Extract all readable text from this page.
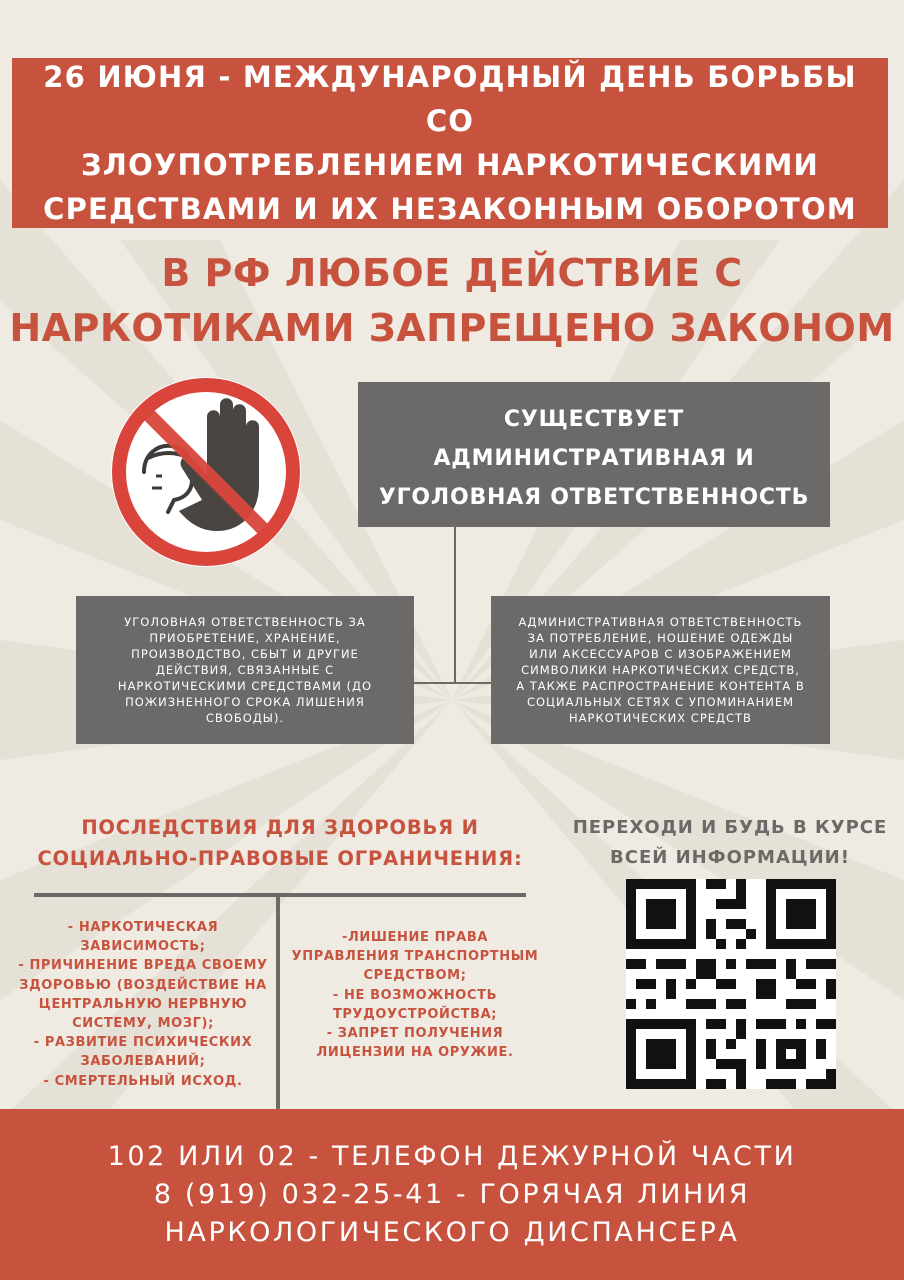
26 ИЮНЯ - МЕЖДУНАРОДНЫЙ ДЕНЬ БОРЬБЫ СО
ЗЛОУПОТРЕБЛЕНИЕМ НАРКОТИЧЕСКИМИ
СРЕДСТВАМИ И ИХ НЕЗАКОННЫМ ОБОРОТОМ
В РФ ЛЮБОЕ ДЕЙСТВИЕ С
НАРКОТИКАМИ ЗАПРЕЩЕНО ЗАКОНОМ
СУЩЕСТВУЕТ
АДМИНИСТРАТИВНАЯ И
УГОЛОВНАЯ ОТВЕТСТВЕННОСТЬ
УГОЛОВНАЯ ОТВЕТСТВЕННОСТЬ ЗА
ПРИОБРЕТЕНИЕ, ХРАНЕНИЕ,
ПРОИЗВОДСТВО, СБЫТ И ДРУГИЕ
ДЕЙСТВИЯ, СВЯЗАННЫЕ С
НАРКОТИЧЕСКИМИ СРЕДСТВАМИ (ДО
ПОЖИЗНЕННОГО СРОКА ЛИШЕНИЯ
СВОБОДЫ).
АДМИНИСТРАТИВНАЯ ОТВЕТСТВЕННОСТЬ
ЗА ПОТРЕБЛЕНИЕ, НОШЕНИЕ ОДЕЖДЫ
ИЛИ АКСЕССУАРОВ С ИЗОБРАЖЕНИЕМ
СИМВОЛИКИ НАРКОТИЧЕСКИХ СРЕДСТВ,
А ТАКЖЕ РАСПРОСТРАНЕНИЕ КОНТЕНТА В
СОЦИАЛЬНЫХ СЕТЯХ С УПОМИНАНИЕМ
НАРКОТИЧЕСКИХ СРЕДСТВ
ПОСЛЕДСТВИЯ ДЛЯ ЗДОРОВЬЯ И
СОЦИАЛЬНО-ПРАВОВЫЕ ОГРАНИЧЕНИЯ:
- НАРКОТИЧЕСКАЯ
ЗАВИСИМОСТЬ;
- ПРИЧИНЕНИЕ ВРЕДА СВОЕМУ
ЗДОРОВЬЮ (ВОЗДЕЙСТВИЕ НА
ЦЕНТРАЛЬНУЮ НЕРВНУЮ
СИСТЕМУ, МОЗГ);
- РАЗВИТИЕ ПСИХИЧЕСКИХ
ЗАБОЛЕВАНИЙ;
- СМЕРТЕЛЬНЫЙ ИСХОД.
-ЛИШЕНИЕ ПРАВА
УПРАВЛЕНИЯ ТРАНСПОРТНЫМ
СРЕДСТВОМ;
- НЕ ВОЗМОЖНОСТЬ
ТРУДОУСТРОЙСТВА;
- ЗАПРЕТ ПОЛУЧЕНИЯ
ЛИЦЕНЗИИ НА ОРУЖИЕ.
ПЕРЕХОДИ И БУДЬ В КУРСЕ
ВСЕЙ ИНФОРМАЦИИ!
102 ИЛИ 02 - ТЕЛЕФОН ДЕЖУРНОЙ ЧАСТИ
8 (919) 032-25-41 - ГОРЯЧАЯ ЛИНИЯ
НАРКОЛОГИЧЕСКОГО ДИСПАНСЕРА
